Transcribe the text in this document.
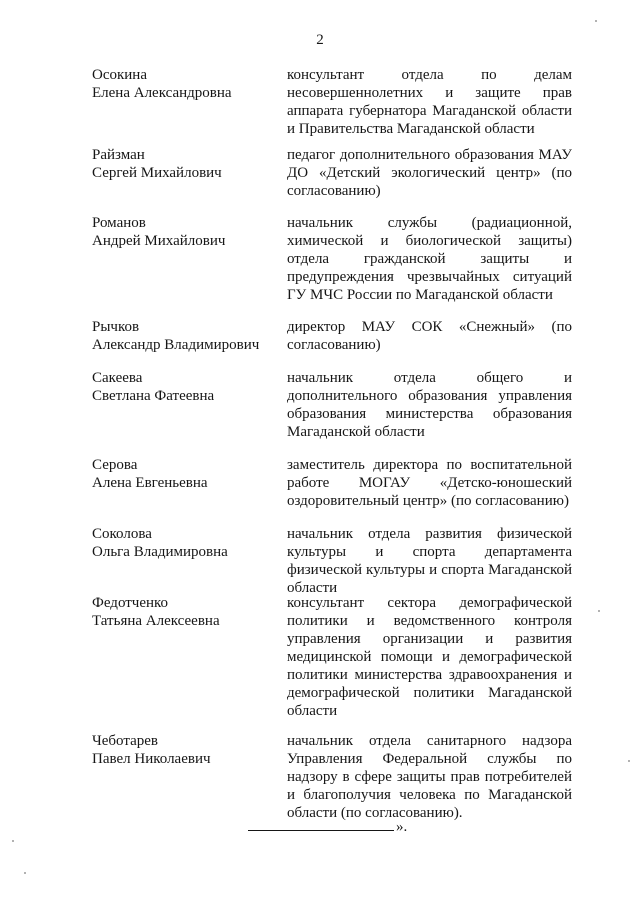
2
Осокина
Елена Александровна
консультант отдела по делам несовершеннолетних и защите прав аппарата губернатора Магаданской области и Правительства Магаданской области
Райзман
Сергей Михайлович
педагог дополнительного образования МАУ ДО «Детский экологический центр» (по согласованию)
Романов
Андрей Михайлович
начальник службы (радиационной, химической и биологической защиты) отдела гражданской защиты и предупреждения чрезвычайных ситуаций ГУ МЧС России по Магаданской области
Рычков
Александр Владимирович
директор МАУ СОК «Снежный» (по согласованию)
Сакеева
Светлана Фатеевна
начальник отдела общего и дополнительного образования управления образования министерства образования Магаданской области
Серова
Алена Евгеньевна
заместитель директора по воспитательной работе МОГАУ «Детско-юношеский оздоровительный центр» (по согласованию)
Соколова
Ольга Владимировна
начальник отдела развития физической культуры и спорта департамента физической культуры и спорта Магаданской области
Федотченко
Татьяна Алексеевна
консультант сектора демографической политики и ведомственного контроля управления организации и развития медицинской помощи и демографической политики министерства здравоохранения и демографической политики Магаданской области
Чеботарев
Павел Николаевич
начальник отдела санитарного надзора Управления Федеральной службы по надзору в сфере защиты прав потребителей и благополучия человека по Магаданской области (по согласованию).
».
